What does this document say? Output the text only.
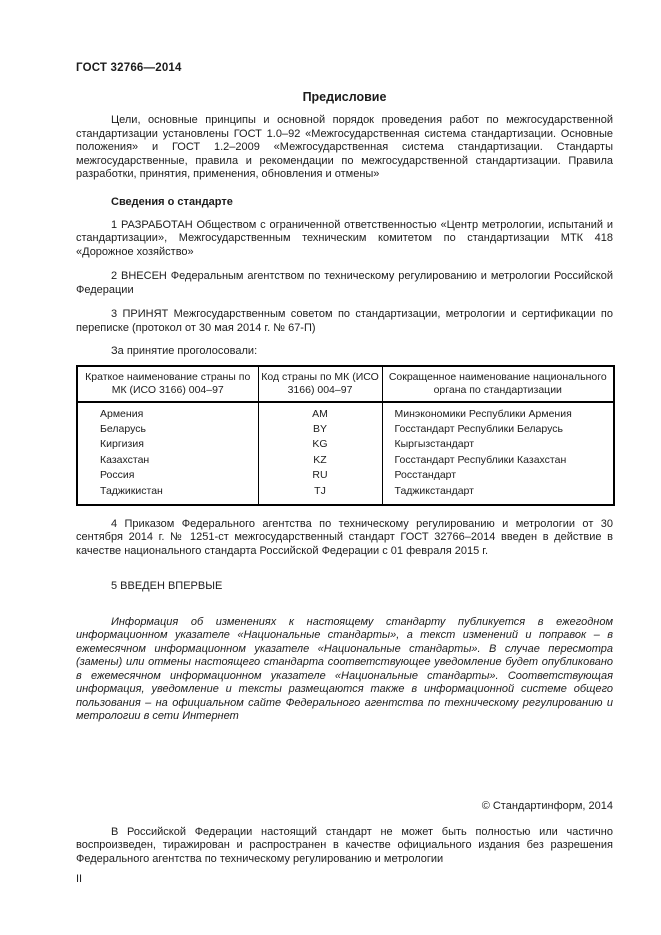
ГОСТ 32766—2014
Предисловие

Цели, основные принципы и основной порядок проведения работ по межгосударственной стандартизации установлены ГОСТ 1.0–92 «Межгосударственная система стандартизации. Основные положения» и ГОСТ 1.2–2009 «Межгосударственная система стандартизации. Стандарты межгосударственные, правила и рекомендации по межгосударственной стандартизации. Правила разработки, принятия, применения, обновления и отмены»

Сведения о стандарте

1 РАЗРАБОТАН Обществом с ограниченной ответственностью «Центр метрологии, испытаний и стандартизации», Межгосударственным техническим комитетом по стандартизации МТК 418 «Дорожное хозяйство»

2 ВНЕСЕН Федеральным агентством по техническому регулированию и метрологии Российской Федерации

3 ПРИНЯТ Межгосударственным советом по стандартизации, метрологии и сертификации по переписке (протокол от 30 мая 2014 г. № 67-П)

За принятие проголосовали:

Краткое наименование страны по МК (ИСО 3166) 004–97	Код страны по МК (ИСО 3166) 004–97	Сокращенное наименование национального органа по стандартизации
Армения	AM	Минэкономики Республики Армения
Беларусь	BY	Госстандарт Республики Беларусь
Киргизия	KG	Кыргызстандарт
Казахстан	KZ	Госстандарт Республики Казахстан
Россия	RU	Росстандарт
Таджикистан	TJ	Таджикстандарт

4 Приказом Федерального агентства по техническому регулированию и метрологии от 30 сентября 2014 г. № 1251-ст межгосударственный стандарт ГОСТ 32766–2014 введен в действие в качестве национального стандарта Российской Федерации с 01 февраля 2015 г.

5 ВВЕДЕН ВПЕРВЫЕ

Информация об изменениях к настоящему стандарту публикуется в ежегодном информационном указателе «Национальные стандарты», а текст изменений и поправок – в ежемесячном информационном указателе «Национальные стандарты». В случае пересмотра (замены) или отмены настоящего стандарта соответствующее уведомление будет опубликовано в ежемесячном информационном указателе «Национальные стандарты». Соответствующая информация, уведомление и тексты размещаются также в информационной системе общего пользования – на официальном сайте Федерального агентства по техническому регулированию и метрологии в сети Интернет

© Стандартинформ, 2014

В Российской Федерации настоящий стандарт не может быть полностью или частично воспроизведен, тиражирован и распространен в качестве официального издания без разрешения Федерального агентства по техническому регулированию и метрологии

II
